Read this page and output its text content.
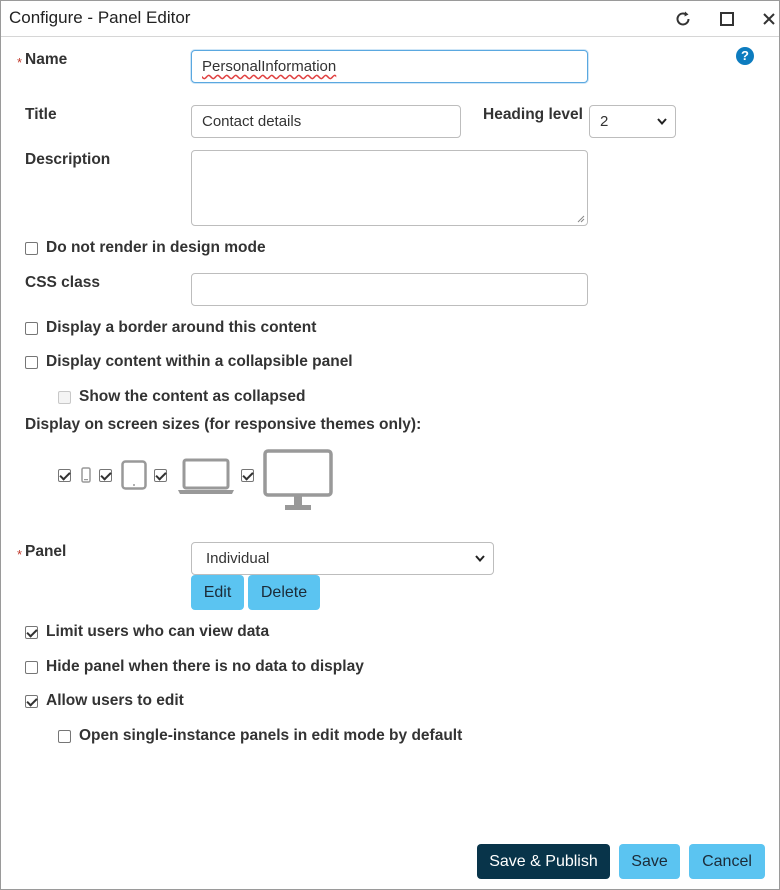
Configure - Panel Editor
?
* Name	PersonalInformation
Title	Contact details	Heading level 2
Description
Do not render in design mode
CSS class
Display a border around this content
Display content within a collapsible panel
Show the content as collapsed
Display on screen sizes (for responsive themes only):
* Panel	Individual
Edit	Delete
Limit users who can view data
Hide panel when there is no data to display
Allow users to edit
Open single-instance panels in edit mode by default
Save & Publish	Save	Cancel
